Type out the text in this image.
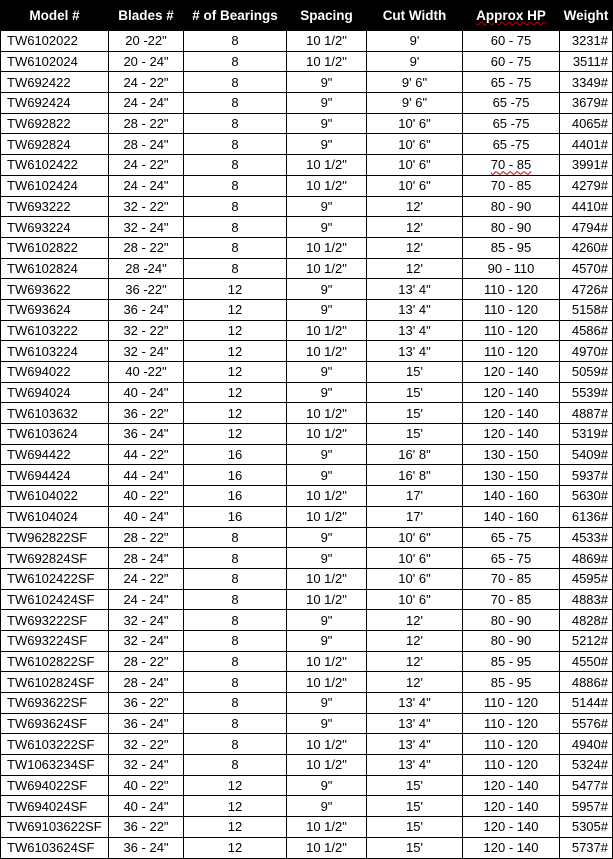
Model #	Blades #	# of Bearings	Spacing	Cut Width	Approx HP	Weight
TW6102022	20 -22"	8	10 1/2"	9'	60 - 75	3231#
TW6102024	20 - 24"	8	10 1/2"	9'	60 - 75	3511#
TW692422	24 - 22"	8	9"	9' 6"	65 - 75	3349#
TW692424	24 - 24"	8	9"	9' 6"	65 -75	3679#
TW692822	28 - 22"	8	9"	10' 6"	65 -75	4065#
TW692824	28 - 24"	8	9"	10' 6"	65 -75	4401#
TW6102422	24 - 22"	8	10 1/2"	10' 6"	70 - 85	3991#
TW6102424	24 - 24"	8	10 1/2"	10' 6"	70 - 85	4279#
TW693222	32 - 22"	8	9"	12'	80 - 90	4410#
TW693224	32 - 24"	8	9"	12'	80 - 90	4794#
TW6102822	28 - 22"	8	10 1/2"	12'	85 - 95	4260#
TW6102824	28 -24"	8	10 1/2"	12'	90 - 110	4570#
TW693622	36 -22"	12	9"	13' 4"	110 - 120	4726#
TW693624	36 - 24"	12	9"	13' 4"	110 - 120	5158#
TW6103222	32 - 22"	12	10 1/2"	13' 4"	110 - 120	4586#
TW6103224	32 - 24"	12	10 1/2"	13' 4"	110 - 120	4970#
TW694022	40 -22"	12	9"	15'	120 - 140	5059#
TW694024	40 - 24"	12	9"	15'	120 - 140	5539#
TW6103632	36 - 22"	12	10 1/2"	15'	120 - 140	4887#
TW6103624	36 - 24"	12	10 1/2"	15'	120 - 140	5319#
TW694422	44 - 22"	16	9"	16' 8"	130 - 150	5409#
TW694424	44 - 24"	16	9"	16' 8"	130 - 150	5937#
TW6104022	40 - 22"	16	10 1/2"	17'	140 - 160	5630#
TW6104024	40 - 24"	16	10 1/2"	17'	140 - 160	6136#
TW962822SF	28 - 22"	8	9"	10' 6"	65 - 75	4533#
TW692824SF	28 - 24"	8	9"	10' 6"	65 - 75	4869#
TW6102422SF	24 - 22"	8	10 1/2"	10' 6"	70 - 85	4595#
TW6102424SF	24 - 24"	8	10 1/2"	10' 6"	70 - 85	4883#
TW693222SF	32 - 24"	8	9"	12'	80 - 90	4828#
TW693224SF	32 - 24"	8	9"	12'	80 - 90	5212#
TW6102822SF	28 - 22"	8	10 1/2"	12'	85 - 95	4550#
TW6102824SF	28 - 24"	8	10 1/2"	12'	85 - 95	4886#
TW693622SF	36 - 22"	8	9"	13' 4"	110 - 120	5144#
TW693624SF	36 - 24"	8	9"	13' 4"	110 - 120	5576#
TW6103222SF	32 - 22"	8	10 1/2"	13' 4"	110 - 120	4940#
TW1063234SF	32 - 24"	8	10 1/2"	13' 4"	110 - 120	5324#
TW694022SF	40 - 22"	12	9"	15'	120 - 140	5477#
TW694024SF	40 - 24"	12	9"	15'	120 - 140	5957#
TW69103622SF	36 - 22"	12	10 1/2"	15'	120 - 140	5305#
TW6103624SF	36 - 24"	12	10 1/2"	15'	120 - 140	5737#
